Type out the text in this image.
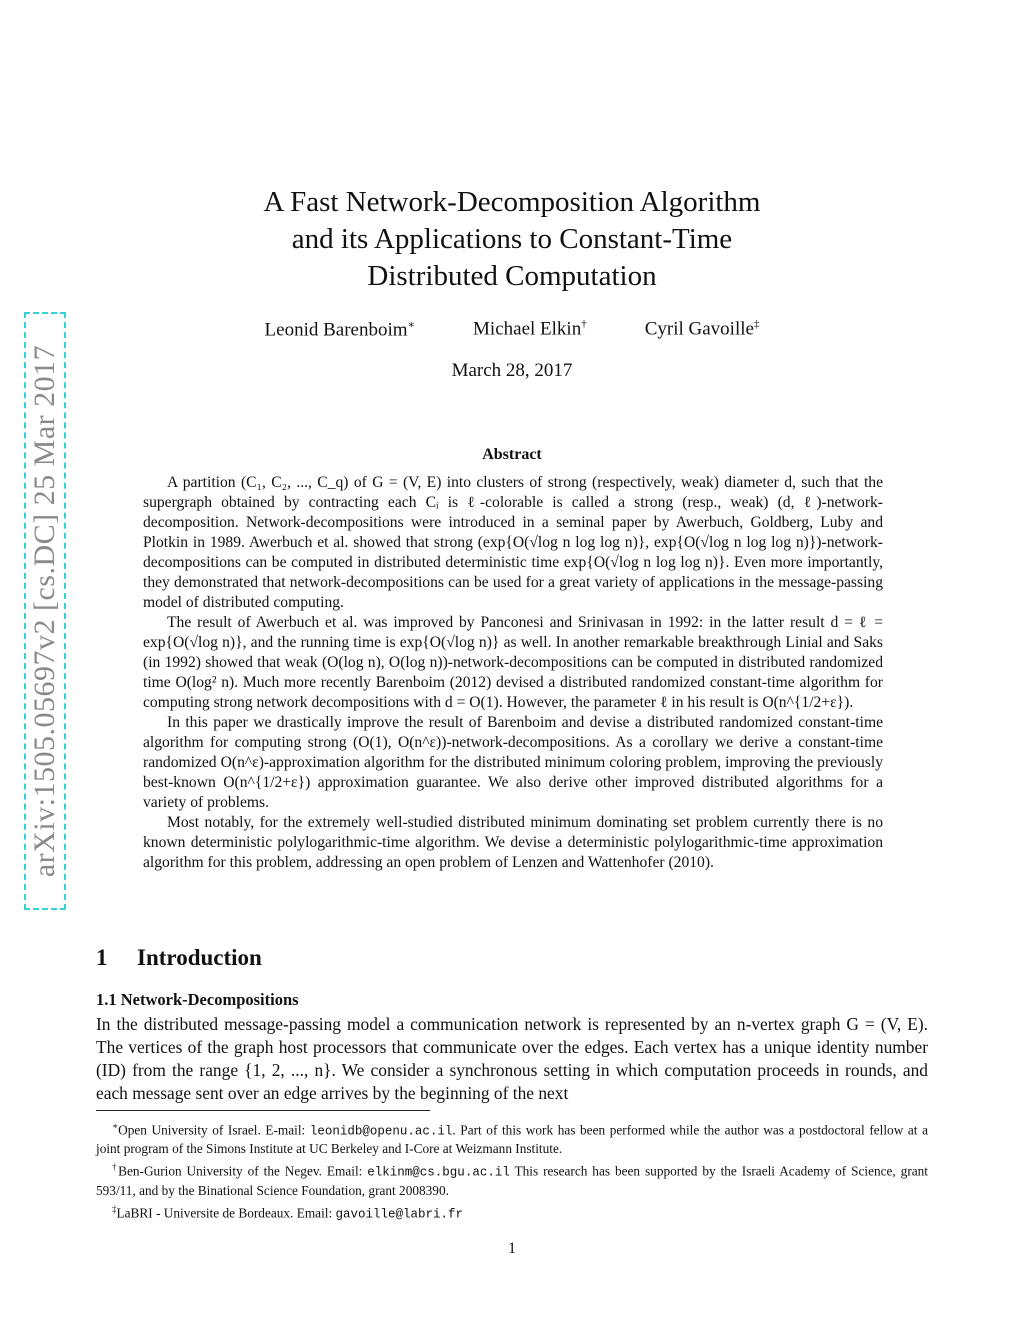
arXiv:1505.05697v2 [cs.DC] 25 Mar 2017
A Fast Network-Decomposition Algorithm
and its Applications to Constant-Time
Distributed Computation
Leonid Barenboim∗	Michael Elkin†	Cyril Gavoille‡
March 28, 2017
Abstract

A partition (C₁, C₂, ..., C_q) of G = (V, E) into clusters of strong (respectively, weak) diameter d, such that the supergraph obtained by contracting each Cᵢ is ℓ-colorable is called a strong (resp., weak) (d, ℓ)-network-decomposition. Network-decompositions were introduced in a seminal paper by Awerbuch, Goldberg, Luby and Plotkin in 1989. Awerbuch et al. showed that strong (exp{O(√log n log log n)}, exp{O(√log n log log n)})-network-decompositions can be computed in distributed deterministic time exp{O(√log n log log n)}. Even more importantly, they demonstrated that network-decompositions can be used for a great variety of applications in the message-passing model of distributed computing.

The result of Awerbuch et al. was improved by Panconesi and Srinivasan in 1992: in the latter result d = ℓ = exp{O(√log n)}, and the running time is exp{O(√log n)} as well. In another remarkable breakthrough Linial and Saks (in 1992) showed that weak (O(log n), O(log n))-network-decompositions can be computed in distributed randomized time O(log² n). Much more recently Barenboim (2012) devised a distributed randomized constant-time algorithm for computing strong network decompositions with d = O(1). However, the parameter ℓ in his result is O(n^{1/2+ε}).

In this paper we drastically improve the result of Barenboim and devise a distributed randomized constant-time algorithm for computing strong (O(1), O(n^ε))-network-decompositions. As a corollary we derive a constant-time randomized O(n^ε)-approximation algorithm for the distributed minimum coloring problem, improving the previously best-known O(n^{1/2+ε}) approximation guarantee. We also derive other improved distributed algorithms for a variety of problems.

Most notably, for the extremely well-studied distributed minimum dominating set problem currently there is no known deterministic polylogarithmic-time algorithm. We devise a deterministic polylogarithmic-time approximation algorithm for this problem, addressing an open problem of Lenzen and Wattenhofer (2010).

1 Introduction
1.1 Network-Decompositions

In the distributed message-passing model a communication network is represented by an n-vertex graph G = (V, E). The vertices of the graph host processors that communicate over the edges. Each vertex has a unique identity number (ID) from the range {1, 2, ..., n}. We consider a synchronous setting in which computation proceeds in rounds, and each message sent over an edge arrives by the beginning of the next

∗Open University of Israel. E-mail: leonidb@openu.ac.il. Part of this work has been performed while the author was a postdoctoral fellow at a joint program of the Simons Institute at UC Berkeley and I-Core at Weizmann Institute.

†Ben-Gurion University of the Negev. Email: elkinm@cs.bgu.ac.il This research has been supported by the Israeli Academy of Science, grant 593/11, and by the Binational Science Foundation, grant 2008390.

‡LaBRI - Universite de Bordeaux. Email: gavoille@labri.fr

1
